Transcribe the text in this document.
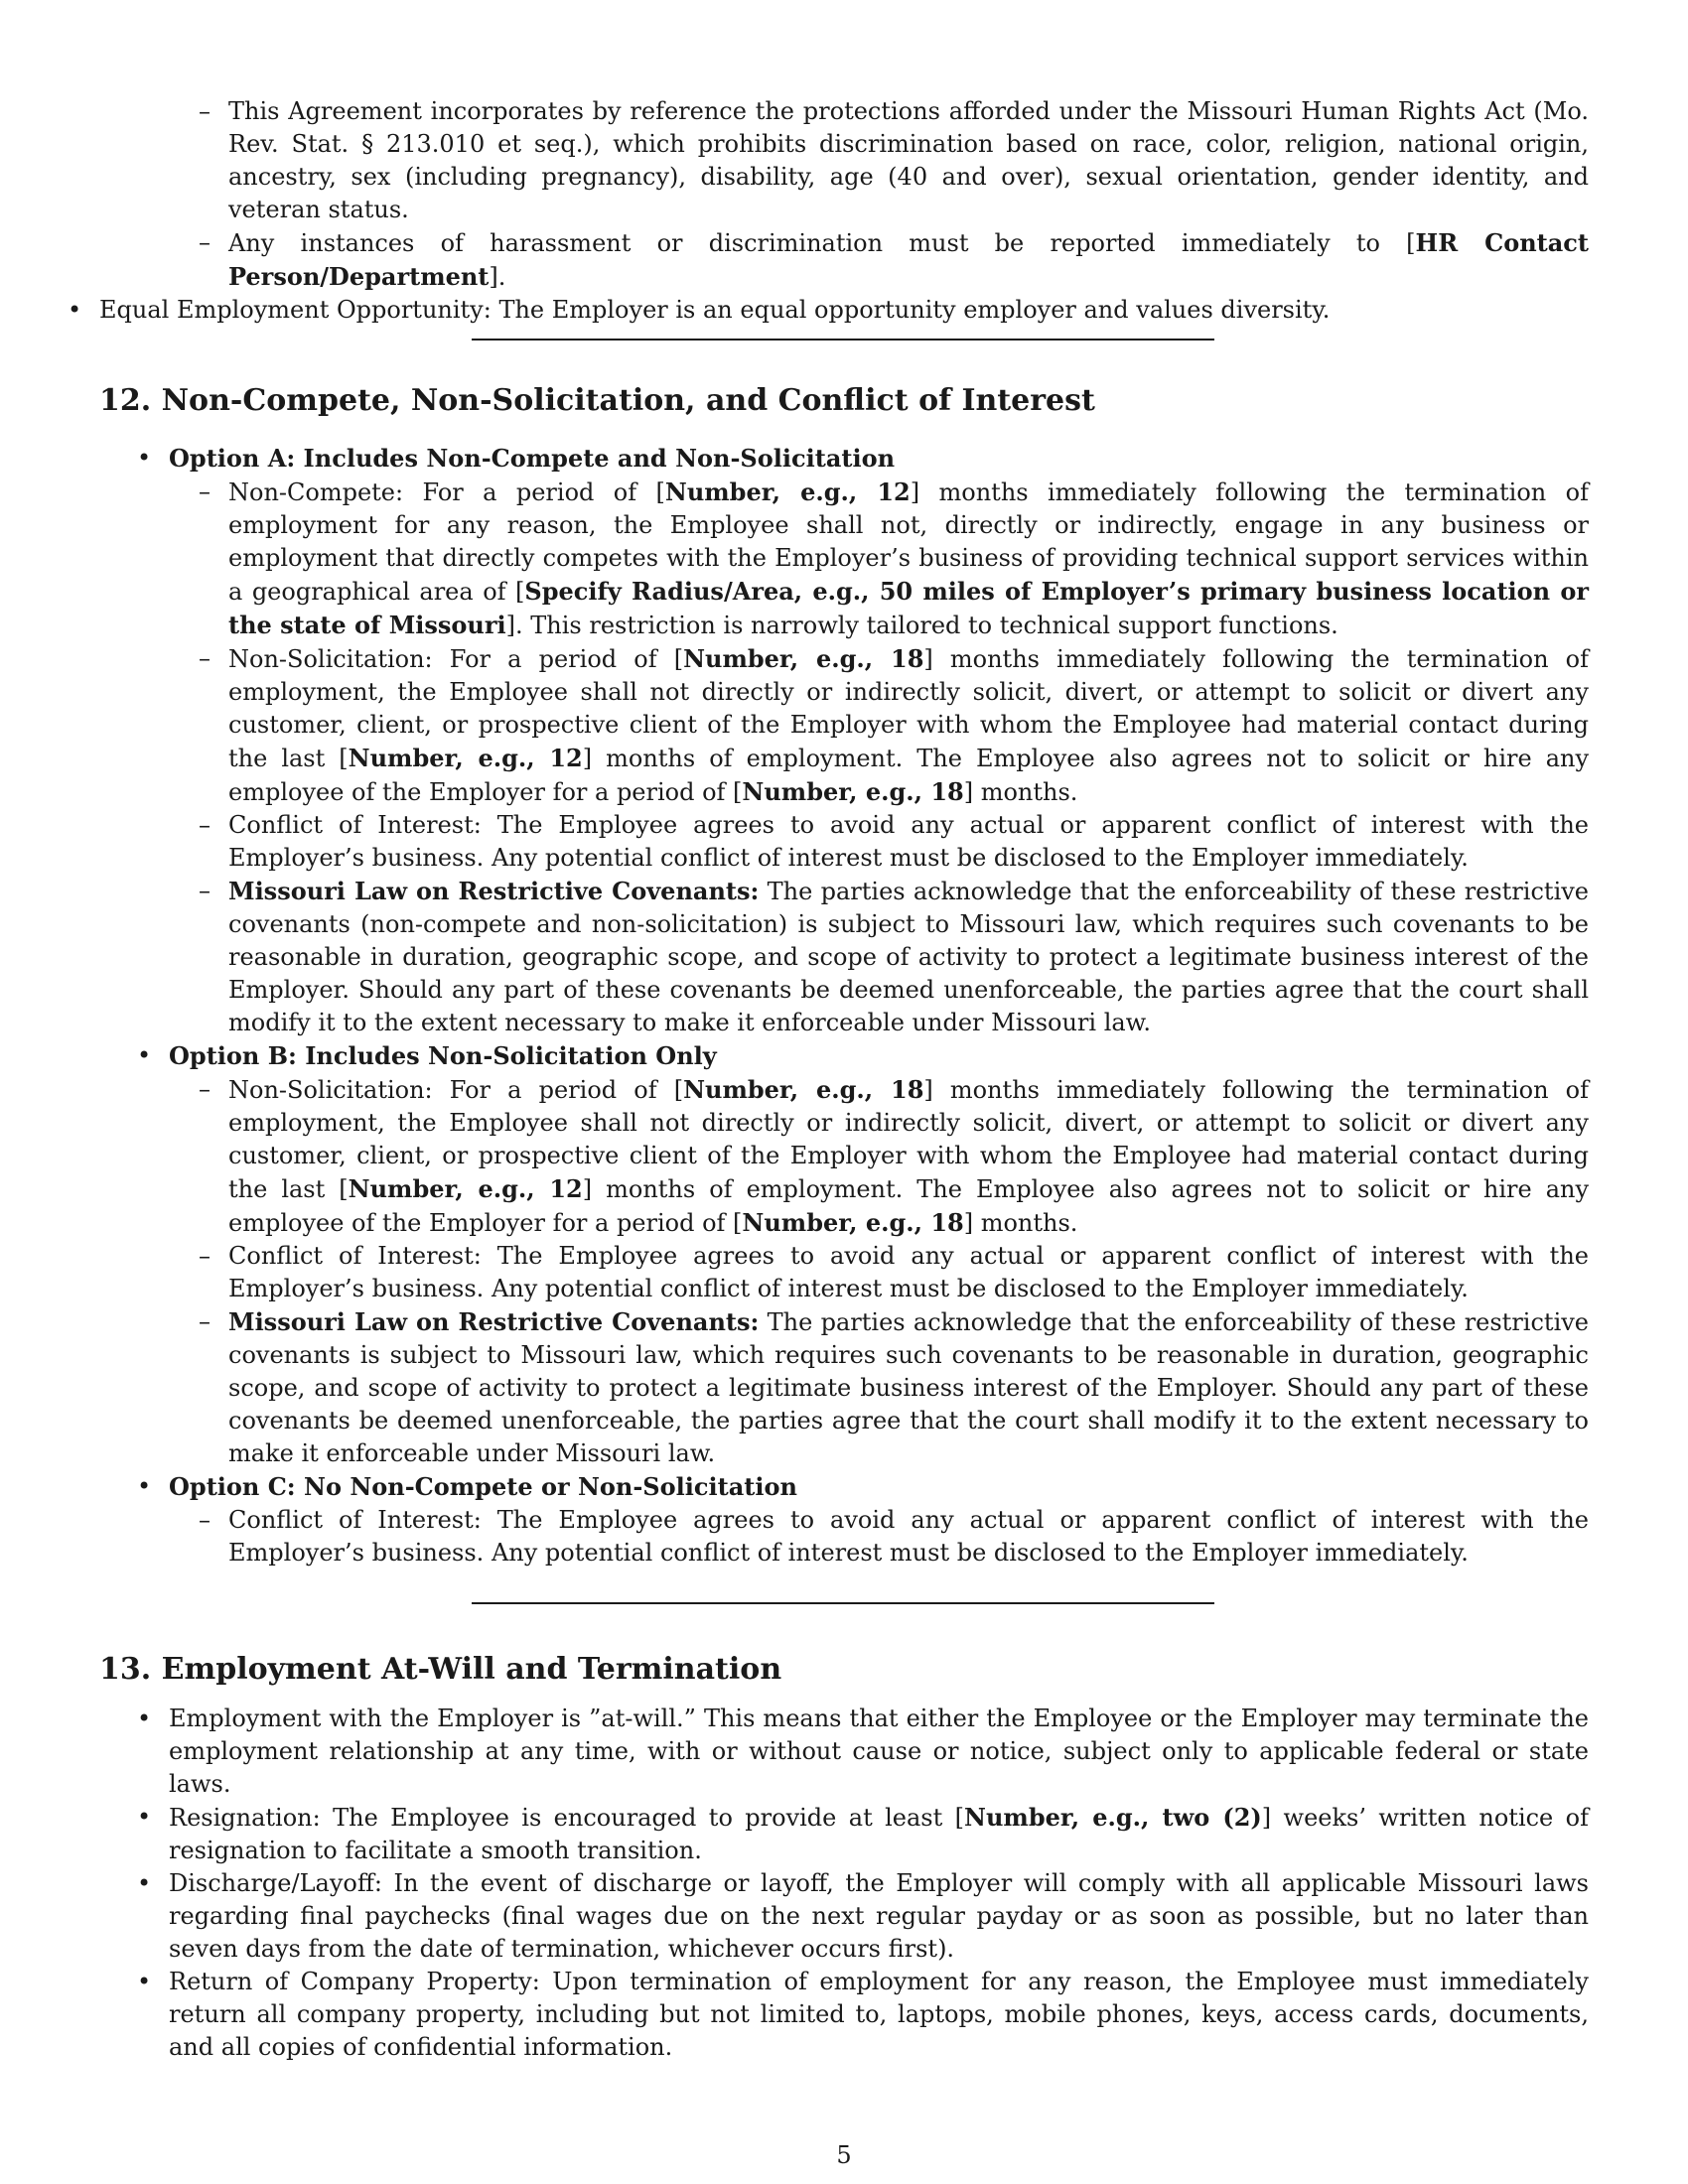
– This Agreement incorporates by reference the protections afforded under the Missouri Human Rights Act (Mo. Rev. Stat. § 213.010 et seq.), which prohibits discrimination based on race, color, religion, national origin, ancestry, sex (including pregnancy), disability, age (40 and over), sexual orientation, gender identity, and veteran status.
– Any instances of harassment or discrimination must be reported immediately to [HR Contact Person/Department].
• Equal Employment Opportunity: The Employer is an equal opportunity employer and values diversity.
12. Non-Compete, Non-Solicitation, and Conflict of Interest
• Option A: Includes Non-Compete and Non-Solicitation
– Non-Compete: For a period of [Number, e.g., 12] months immediately following the termination of employment for any reason, the Employee shall not, directly or indirectly, engage in any business or employment that directly competes with the Employer’s business of providing technical support services within a geographical area of [Specify Radius/Area, e.g., 50 miles of Employer’s primary business location or the state of Missouri]. This restriction is narrowly tailored to technical support functions.
– Non-Solicitation: For a period of [Number, e.g., 18] months immediately following the termination of employment, the Employee shall not directly or indirectly solicit, divert, or attempt to solicit or divert any customer, client, or prospective client of the Employer with whom the Employee had material contact during the last [Number, e.g., 12] months of employment. The Employee also agrees not to solicit or hire any employee of the Employer for a period of [Number, e.g., 18] months.
– Conflict of Interest: The Employee agrees to avoid any actual or apparent conflict of interest with the Employer’s business. Any potential conflict of interest must be disclosed to the Employer immediately.
– Missouri Law on Restrictive Covenants: The parties acknowledge that the enforceability of these restrictive covenants (non-compete and non-solicitation) is subject to Missouri law, which requires such covenants to be reasonable in duration, geographic scope, and scope of activity to protect a legitimate business interest of the Employer. Should any part of these covenants be deemed unenforceable, the parties agree that the court shall modify it to the extent necessary to make it enforceable under Missouri law.
• Option B: Includes Non-Solicitation Only
– Non-Solicitation: For a period of [Number, e.g., 18] months immediately following the termination of employment, the Employee shall not directly or indirectly solicit, divert, or attempt to solicit or divert any customer, client, or prospective client of the Employer with whom the Employee had material contact during the last [Number, e.g., 12] months of employment. The Employee also agrees not to solicit or hire any employee of the Employer for a period of [Number, e.g., 18] months.
– Conflict of Interest: The Employee agrees to avoid any actual or apparent conflict of interest with the Employer’s business. Any potential conflict of interest must be disclosed to the Employer immediately.
– Missouri Law on Restrictive Covenants: The parties acknowledge that the enforceability of these restrictive covenants is subject to Missouri law, which requires such covenants to be reasonable in duration, geographic scope, and scope of activity to protect a legitimate business interest of the Employer. Should any part of these covenants be deemed unenforceable, the parties agree that the court shall modify it to the extent necessary to make it enforceable under Missouri law.
• Option C: No Non-Compete or Non-Solicitation
– Conflict of Interest: The Employee agrees to avoid any actual or apparent conflict of interest with the Employer’s business. Any potential conflict of interest must be disclosed to the Employer immediately.
13. Employment At-Will and Termination
• Employment with the Employer is ”at-will.” This means that either the Employee or the Employer may terminate the employment relationship at any time, with or without cause or notice, subject only to applicable federal or state laws.
• Resignation: The Employee is encouraged to provide at least [Number, e.g., two (2)] weeks’ written notice of resignation to facilitate a smooth transition.
• Discharge/Layoff: In the event of discharge or layoff, the Employer will comply with all applicable Missouri laws regarding final paychecks (final wages due on the next regular payday or as soon as possible, but no later than seven days from the date of termination, whichever occurs first).
• Return of Company Property: Upon termination of employment for any reason, the Employee must immediately return all company property, including but not limited to, laptops, mobile phones, keys, access cards, documents, and all copies of confidential information.
5
